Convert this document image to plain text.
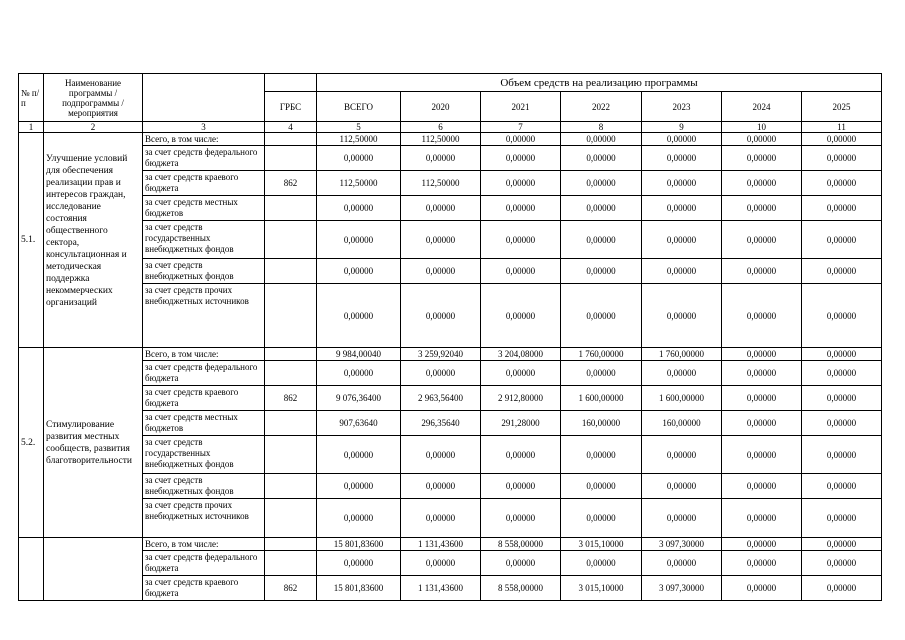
№ п/п	Наименование программы / подпрограммы / мероприятия			Объем средств на реализацию программы						
			ГРБС	ВСЕГО	2020	2021	2022	2023	2024	2025
1	2	3	4	5	6	7	8	9	10	11
5.1.	Улучшение условий для обеспечения реализации прав и интересов граждан, исследование состояния общественного сектора, консультационная и методическая поддержка некоммерческих организаций	Всего, в том числе:		112,50000	112,50000	0,00000	0,00000	0,00000	0,00000	0,00000
		за счет средств федерального бюджета		0,00000	0,00000	0,00000	0,00000	0,00000	0,00000	0,00000
		за счет средств краевого бюджета	862	112,50000	112,50000	0,00000	0,00000	0,00000	0,00000	0,00000
		за счет средств местных бюджетов		0,00000	0,00000	0,00000	0,00000	0,00000	0,00000	0,00000
		за счет средств государственных внебюджетных фондов		0,00000	0,00000	0,00000	0,00000	0,00000	0,00000	0,00000
		за счет средств внебюджетных фондов		0,00000	0,00000	0,00000	0,00000	0,00000	0,00000	0,00000
		за счет средств прочих внебюджетных источников		0,00000	0,00000	0,00000	0,00000	0,00000	0,00000	0,00000
5.2.	Стимулирование развития местных сообществ, развития благотворительности	Всего, в том числе:		9 984,00040	3 259,92040	3 204,08000	1 760,00000	1 760,00000	0,00000	0,00000
		за счет средств федерального бюджета		0,00000	0,00000	0,00000	0,00000	0,00000	0,00000	0,00000
		за счет средств краевого бюджета	862	9 076,36400	2 963,56400	2 912,80000	1 600,00000	1 600,00000	0,00000	0,00000
		за счет средств местных бюджетов		907,63640	296,35640	291,28000	160,00000	160,00000	0,00000	0,00000
		за счет средств государственных внебюджетных фондов		0,00000	0,00000	0,00000	0,00000	0,00000	0,00000	0,00000
		за счет средств внебюджетных фондов		0,00000	0,00000	0,00000	0,00000	0,00000	0,00000	0,00000
		за счет средств прочих внебюджетных источников		0,00000	0,00000	0,00000	0,00000	0,00000	0,00000	0,00000
		Всего, в том числе:		15 801,83600	1 131,43600	8 558,00000	3 015,10000	3 097,30000	0,00000	0,00000
		за счет средств федерального бюджета		0,00000	0,00000	0,00000	0,00000	0,00000	0,00000	0,00000
		за счет средств краевого бюджета	862	15 801,83600	1 131,43600	8 558,00000	3 015,10000	3 097,30000	0,00000	0,00000
